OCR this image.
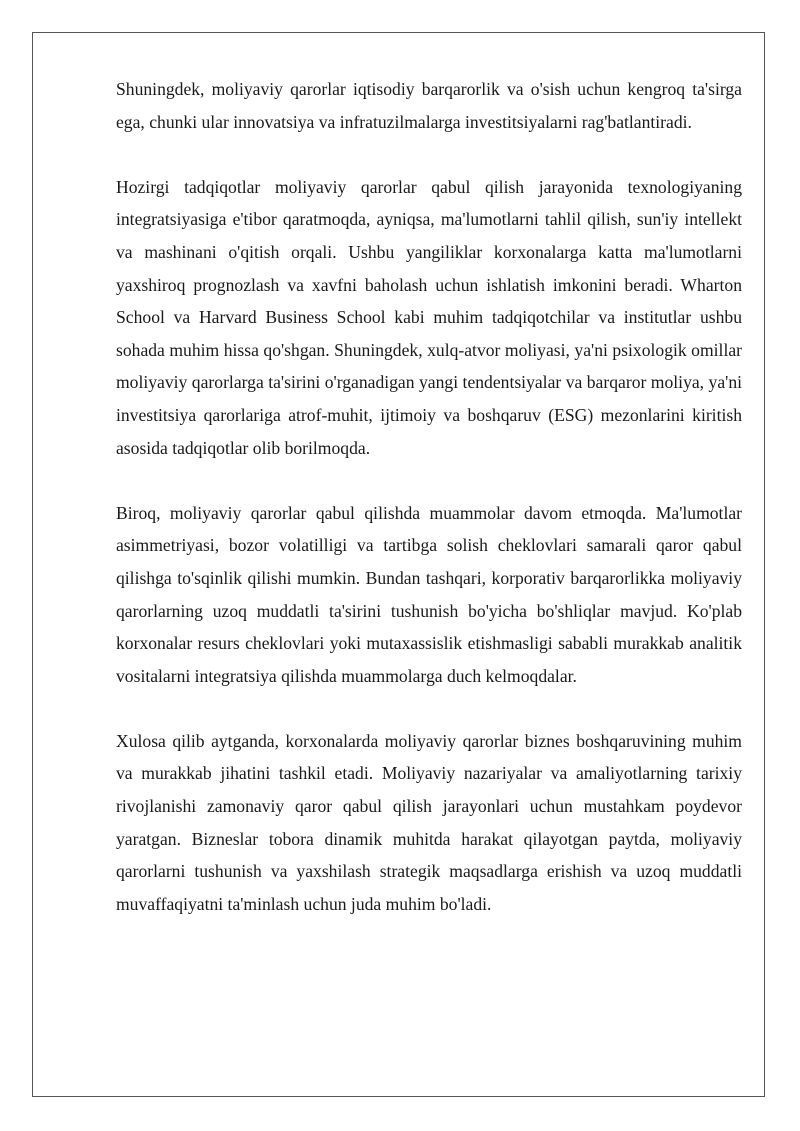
Shuningdek, moliyaviy qarorlar iqtisodiy barqarorlik va o'sish uchun kengroq ta'sirga ega, chunki ular innovatsiya va infratuzilmalarga investitsiyalarni rag'batlantiradi.

Hozirgi tadqiqotlar moliyaviy qarorlar qabul qilish jarayonida texnologiyaning integratsiyasiga e'tibor qaratmoqda, ayniqsa, ma'lumotlarni tahlil qilish, sun'iy intellekt va mashinani o'qitish orqali. Ushbu yangiliklar korxonalarga katta ma'lumotlarni yaxshiroq prognozlash va xavfni baholash uchun ishlatish imkonini beradi. Wharton School va Harvard Business School kabi muhim tadqiqotchilar va institutlar ushbu sohada muhim hissa qo'shgan. Shuningdek, xulq-atvor moliyasi, ya'ni psixologik omillar moliyaviy qarorlarga ta'sirini o'rganadigan yangi tendentsiyalar va barqaror moliya, ya'ni investitsiya qarorlariga atrof-muhit, ijtimoiy va boshqaruv (ESG) mezonlarini kiritish asosida tadqiqotlar olib borilmoqda.

Biroq, moliyaviy qarorlar qabul qilishda muammolar davom etmoqda. Ma'lumotlar asimmetriyasi, bozor volatilligi va tartibga solish cheklovlari samarali qaror qabul qilishga to'sqinlik qilishi mumkin. Bundan tashqari, korporativ barqarorlikka moliyaviy qarorlarning uzoq muddatli ta'sirini tushunish bo'yicha bo'shliqlar mavjud. Ko'plab korxonalar resurs cheklovlari yoki mutaxassislik etishmasligi sababli murakkab analitik vositalarni integratsiya qilishda muammolarga duch kelmoqdalar.

Xulosa qilib aytganda, korxonalarda moliyaviy qarorlar biznes boshqaruvining muhim va murakkab jihatini tashkil etadi. Moliyaviy nazariyalar va amaliyotlarning tarixiy rivojlanishi zamonaviy qaror qabul qilish jarayonlari uchun mustahkam poydevor yaratgan. Bizneslar tobora dinamik muhitda harakat qilayotgan paytda, moliyaviy qarorlarni tushunish va yaxshilash strategik maqsadlarga erishish va uzoq muddatli muvaffaqiyatni ta'minlash uchun juda muhim bo'ladi.
